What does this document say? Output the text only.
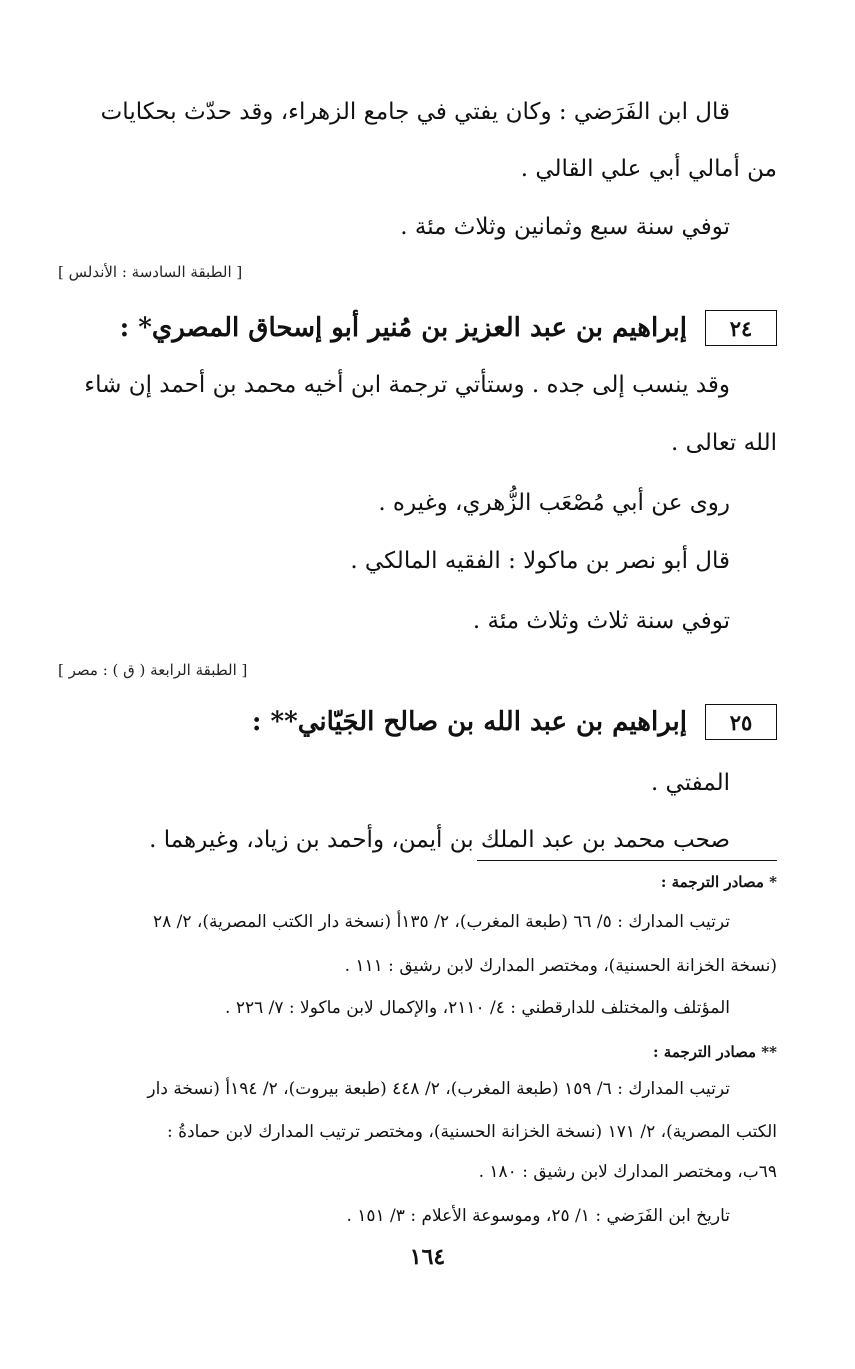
قال ابن الفَرَضي : وكان يفتي في جامع الزهراء، وقد حدّث بحكايات
من أمالي أبي علي القالي .
توفي سنة سبع وثمانين وثلاث مئة .
[ الطبقة السادسة : الأندلس ]
٢٤
إبراهيم بن عبد العزيز بن مُنير أبو إسحاق المصري* :
وقد ينسب إلى جده . وستأتي ترجمة ابن أخيه محمد بن أحمد إن شاء
الله تعالى .
روى عن أبي مُصْعَب الزُّهري، وغيره .
قال أبو نصر بن ماكولا : الفقيه المالكي .
توفي سنة ثلاث وثلاث مئة .
[ الطبقة الرابعة ( ق ) : مصر ]
٢٥
إبراهيم بن عبد الله بن صالح الجَيّاني** :
المفتي .
صحب محمد بن عبد الملك بن أيمن، وأحمد بن زياد، وغيرهما .
* مصادر الترجمة :
ترتيب المدارك : ٥/ ٦٦ (طبعة المغرب)، ٢/ ١٣٥أ (نسخة دار الكتب المصرية)، ٢/ ٢٨
(نسخة الخزانة الحسنية)، ومختصر المدارك لابن رشيق : ١١١ .
المؤتلف والمختلف للدارقطني : ٤/ ٢١١٠، والإكمال لابن ماكولا : ٧/ ٢٢٦ .
** مصادر الترجمة :
ترتيب المدارك : ٦/ ١٥٩ (طبعة المغرب)، ٢/ ٤٤٨ (طبعة بيروت)، ٢/ ١٩٤أ (نسخة دار
الكتب المصرية)، ٢/ ١٧١ (نسخة الخزانة الحسنية)، ومختصر ترتيب المدارك لابن حمادةُ :
٦٩ب، ومختصر المدارك لابن رشيق : ١٨٠ .
تاريخ ابن الفَرَضي : ١/ ٢٥، وموسوعة الأعلام : ٣/ ١٥١ .
١٦٤
